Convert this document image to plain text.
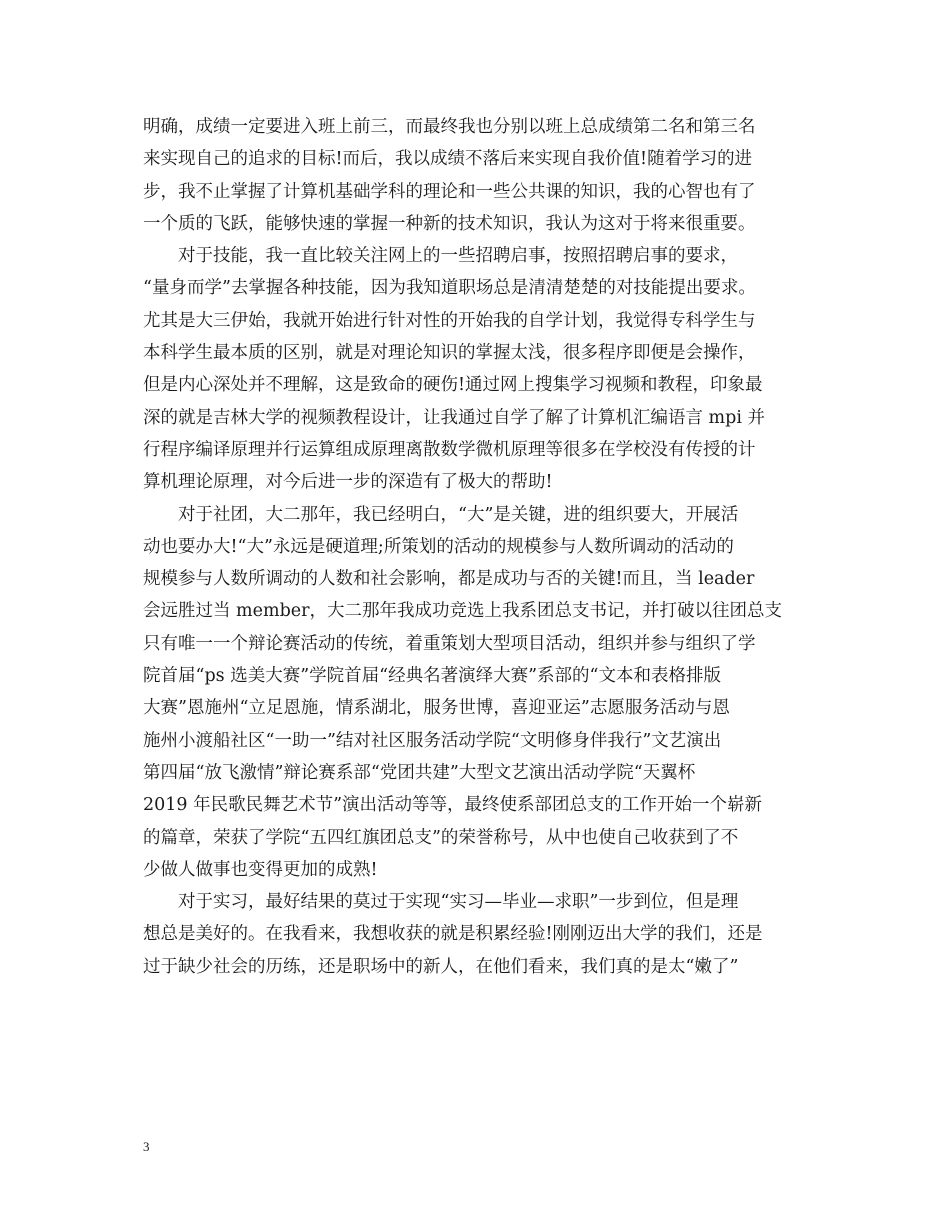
明确，成绩一定要进入班上前三，而最终我也分别以班上总成绩第二名和第三名
来实现自己的追求的目标!而后，我以成绩不落后来实现自我价值!随着学习的进
步，我不止掌握了计算机基础学科的理论和一些公共课的知识，我的心智也有了
一个质的飞跃，能够快速的掌握一种新的技术知识，我认为这对于将来很重要。
对于技能，我一直比较关注网上的一些招聘启事，按照招聘启事的要求，
“量身而学”去掌握各种技能，因为我知道职场总是清清楚楚的对技能提出要求。
尤其是大三伊始，我就开始进行针对性的开始我的自学计划，我觉得专科学生与
本科学生最本质的区别，就是对理论知识的掌握太浅，很多程序即便是会操作，
但是内心深处并不理解，这是致命的硬伤!通过网上搜集学习视频和教程，印象最
深的就是吉林大学的视频教程设计，让我通过自学了解了计算机汇编语言 mpi 并
行程序编译原理并行运算组成原理离散数学微机原理等很多在学校没有传授的计
算机理论原理，对今后进一步的深造有了极大的帮助!
对于社团，大二那年，我已经明白，“大”是关键，进的组织要大，开展活
动也要办大!“大”永远是硬道理;所策划的活动的规模参与人数所调动的活动的
规模参与人数所调动的人数和社会影响，都是成功与否的关键!而且，当 leader
会远胜过当 member，大二那年我成功竞选上我系团总支书记，并打破以往团总支
只有唯一一个辩论赛活动的传统，着重策划大型项目活动，组织并参与组织了学
院首届“ps 选美大赛”学院首届“经典名著演绎大赛”系部的“文本和表格排版
大赛”恩施州“立足恩施，情系湖北，服务世博，喜迎亚运”志愿服务活动与恩
施州小渡船社区“一助一”结对社区服务活动学院“文明修身伴我行”文艺演出
第四届“放飞激情”辩论赛系部“党团共建”大型文艺演出活动学院“天翼杯
2019 年民歌民舞艺术节”演出活动等等，最终使系部团总支的工作开始一个崭新
的篇章，荣获了学院“五四红旗团总支”的荣誉称号，从中也使自己收获到了不
少做人做事也变得更加的成熟!
对于实习，最好结果的莫过于实现“实习—毕业—求职”一步到位，但是理
想总是美好的。在我看来，我想收获的就是积累经验!刚刚迈出大学的我们，还是
过于缺少社会的历练，还是职场中的新人，在他们看来，我们真的是太“嫩了”
3
